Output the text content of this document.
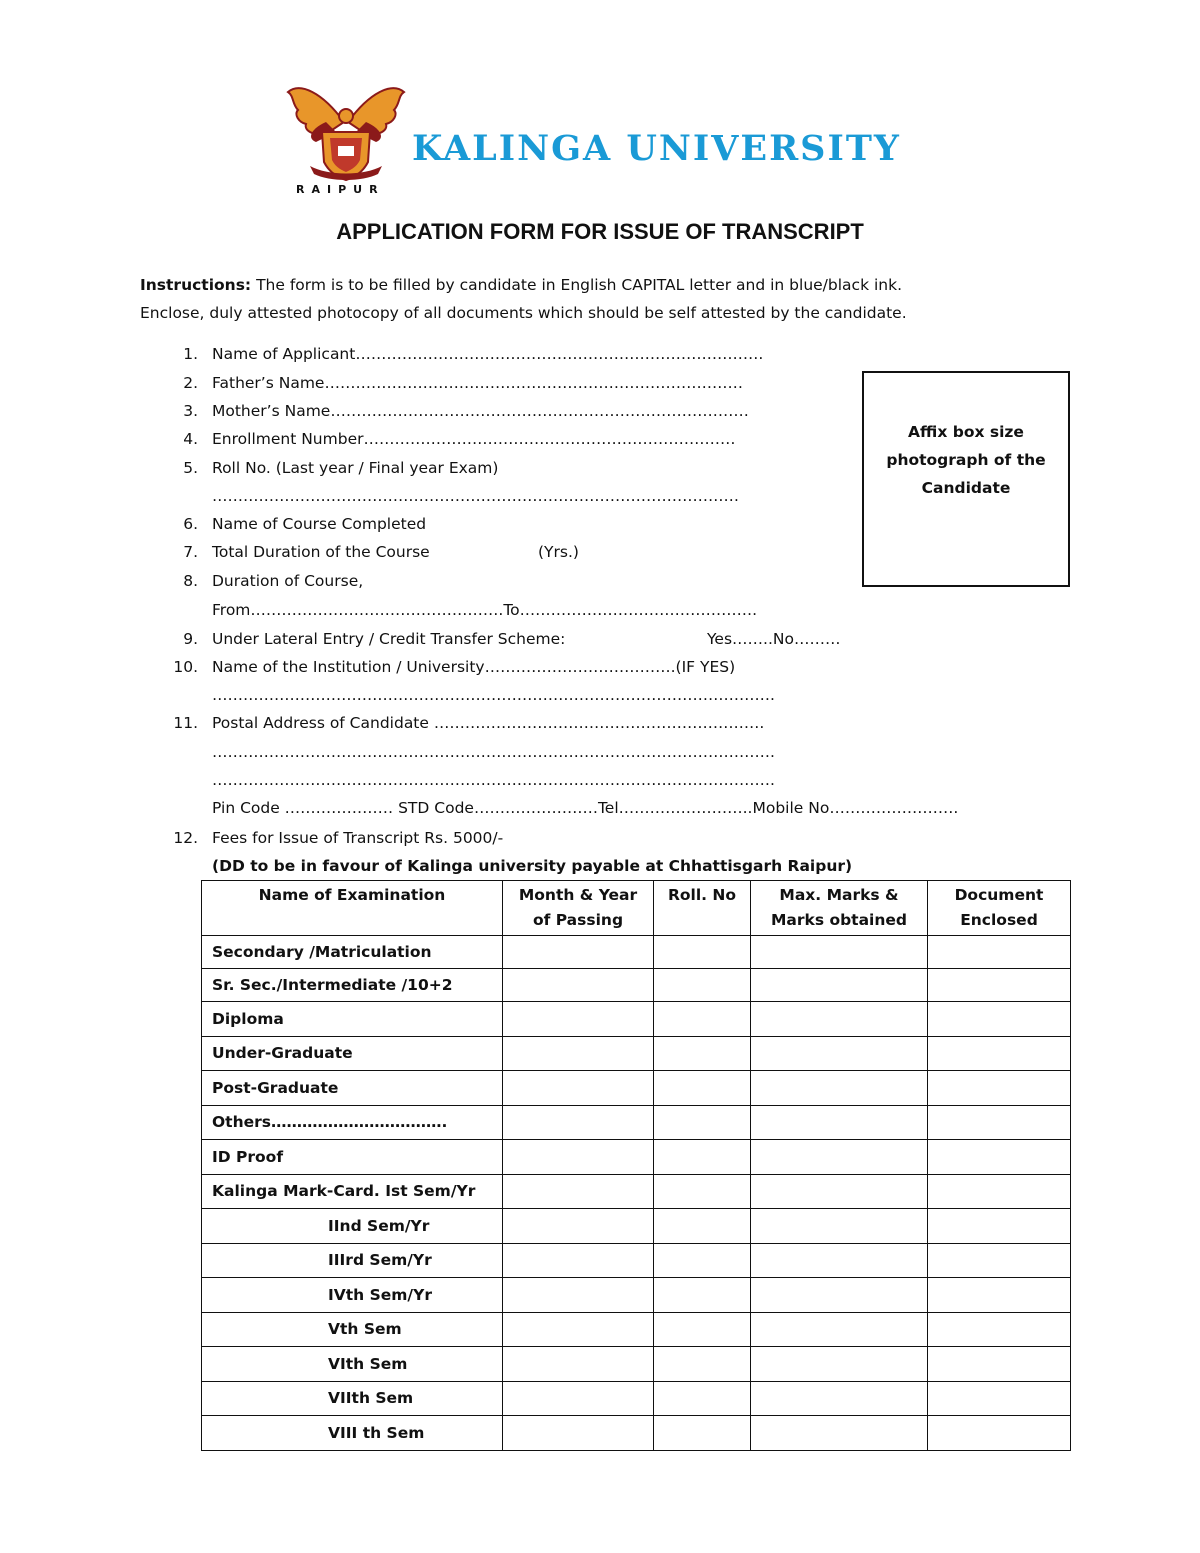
RAIPUR
KALINGA UNIVERSITY
APPLICATION FORM FOR ISSUE OF TRANSCRIPT
Instructions: The form is to be filled by candidate in English CAPITAL letter and in blue/black ink.
Enclose, duly attested photocopy of all documents which should be self attested by the candidate.
1. Name of Applicant…………………………………………………………………….
2. Father’s Name………………………………………………………………………
3. Mother’s Name………………………………………………………………………
4. Enrollment Number………………………………………………………………
5. Roll No. (Last year / Final year Exam)
…………………………………………………………………………………………
6. Name of Course Completed
7. Total Duration of the Course	(Yrs.)
8. Duration of Course,
From………………………………………….To……………………………………….
9. Under Lateral Entry / Credit Transfer Scheme:	Yes……..No………
10. Name of the Institution / University……………………………….(IF YES)
……………………………………………………………………………………………….
11. Postal Address of Candidate ……………………………………………………….
……………………………………………………………………………………………….
……………………………………………………………………………………………….
Pin Code ………………… STD Code……………………Tel……………………..Mobile No…………………….
12. Fees for Issue of Transcript Rs. 5000/-
(DD to be in favour of Kalinga university payable at Chhattisgarh Raipur)
Affix box size
photograph of the
Candidate
Name of Examination	Month & Year of Passing	Roll. No	Max. Marks & Marks obtained	Document Enclosed
Secondary /Matriculation				
Sr. Sec./Intermediate /10+2				
Diploma				
Under-Graduate				
Post-Graduate				
Others…………………………….				
ID Proof				
Kalinga Mark-Card. Ist Sem/Yr				
IInd Sem/Yr				
IIIrd Sem/Yr				
IVth Sem/Yr				
Vth Sem				
VIth Sem				
VIIth Sem				
VIII th Sem				
